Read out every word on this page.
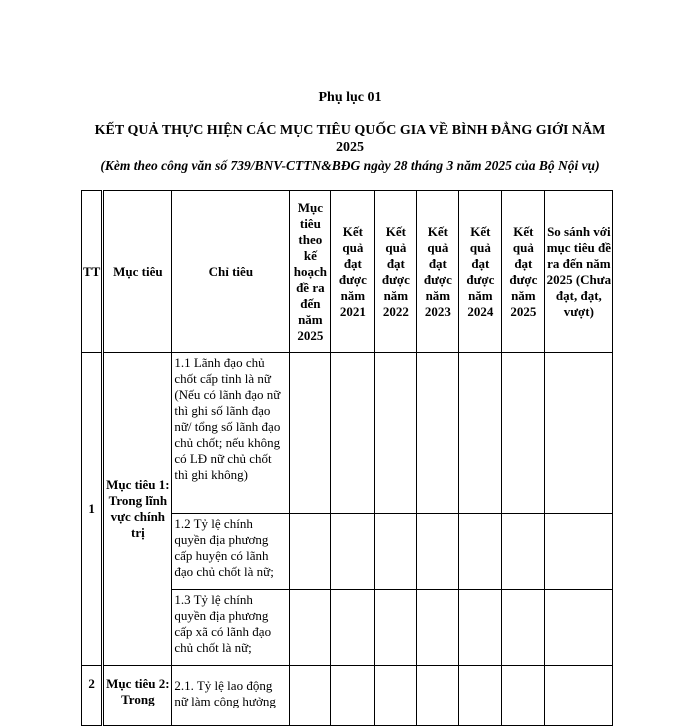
Phụ lục 01
KẾT QUẢ THỰC HIỆN CÁC MỤC TIÊU QUỐC GIA VỀ BÌNH ĐẲNG GIỚI NĂM 2025
(Kèm theo công văn số 739/BNV-CTTN&BĐG ngày 28 tháng 3 năm 2025 của Bộ Nội vụ)
TT	Mục tiêu	Chỉ tiêu	Mục tiêu theo kế hoạch đề ra đến năm 2025	Kết quả đạt được năm 2021	Kết quả đạt được năm 2022	Kết quả đạt được năm 2023	Kết quả đạt được năm 2024	Kết quả đạt được năm 2025	So sánh với mục tiêu đề ra đến năm 2025 (Chưa đạt, đạt, vượt)
1	Mục tiêu 1: Trong lĩnh vực chính trị	1.1 Lãnh đạo chủ chốt cấp tỉnh là nữ (Nếu có lãnh đạo nữ thì ghi số lãnh đạo nữ/ tổng số lãnh đạo chủ chốt; nếu không có LĐ nữ chủ chốt thì ghi không)							
		1.2 Tỷ lệ chính quyền địa phương cấp huyện có lãnh đạo chủ chốt là nữ;							
		1.3 Tỷ lệ chính quyền địa phương cấp xã có lãnh đạo chủ chốt là nữ;							

2	Mục tiêu 2: Trong	2.1. Tỷ lệ lao động nữ làm công hưởng							
